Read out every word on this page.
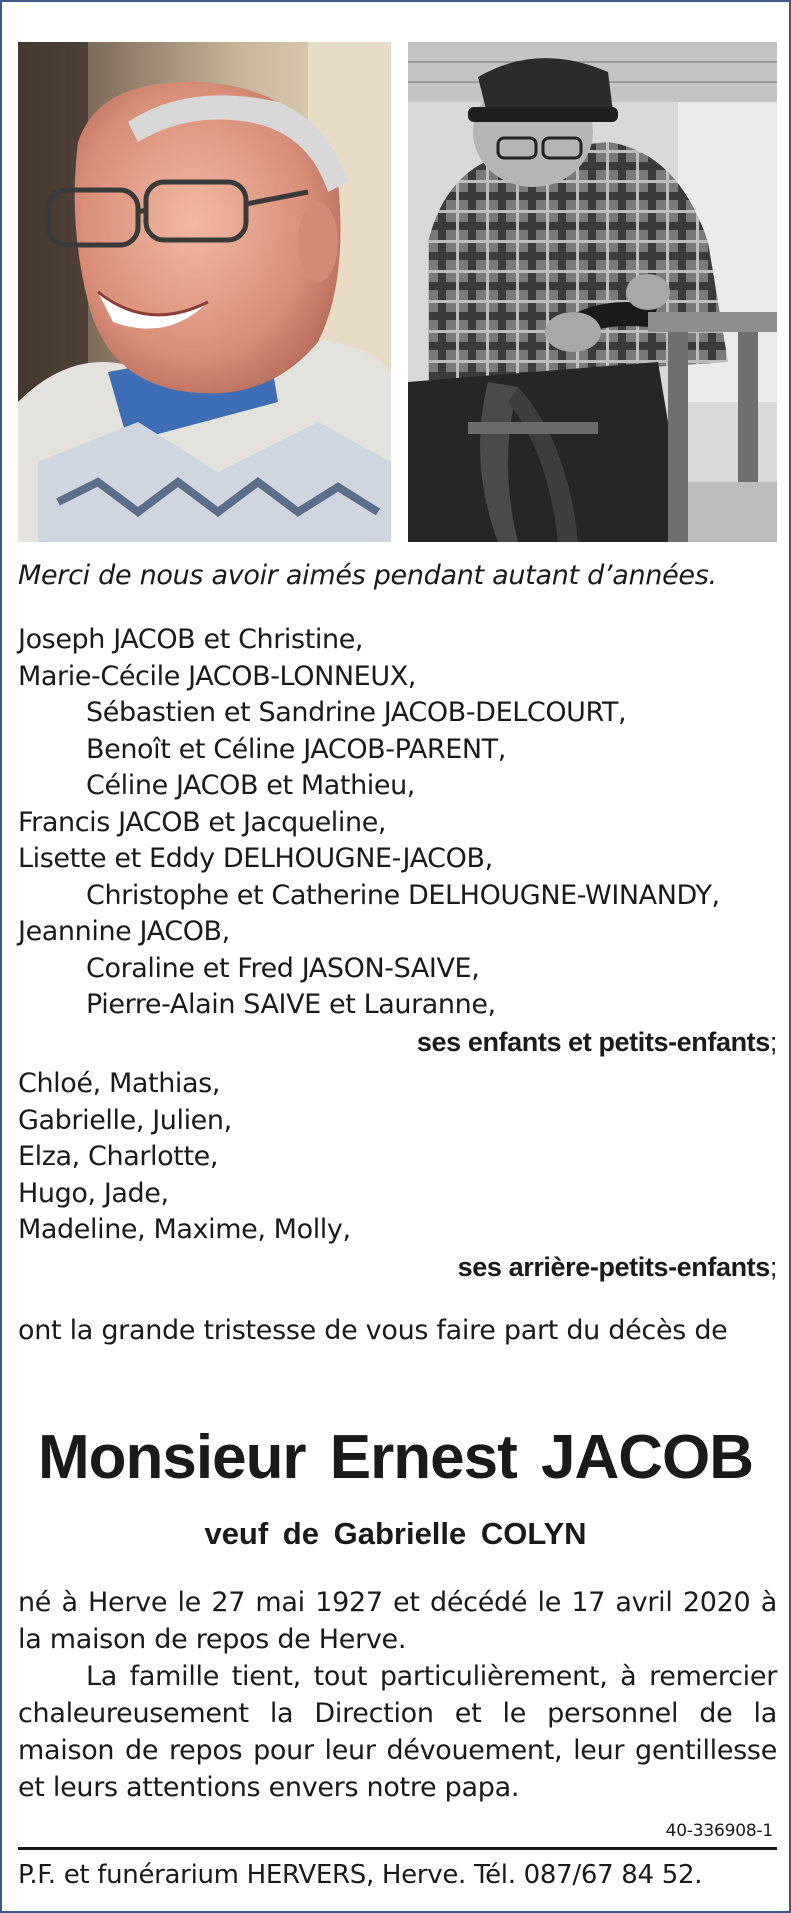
Merci de nous avoir aimés pendant autant d’années.
Joseph JACOB et Christine,
Marie-Cécile JACOB-LONNEUX,
Sébastien et Sandrine JACOB-DELCOURT,
Benoît et Céline JACOB-PARENT,
Céline JACOB et Mathieu,
Francis JACOB et Jacqueline,
Lisette et Eddy DELHOUGNE-JACOB,
Christophe et Catherine DELHOUGNE-WINANDY,
Jeannine JACOB,
Coraline et Fred JASON-SAIVE,
Pierre-Alain SAIVE et Lauranne,
ses enfants et petits-enfants;
Chloé, Mathias,
Gabrielle, Julien,
Elza, Charlotte,
Hugo, Jade,
Madeline, Maxime, Molly,
ses arrière-petits-enfants;
ont la grande tristesse de vous faire part du décès de
Monsieur Ernest JACOB
veuf de Gabrielle COLYN

né à Herve le 27 mai 1927 et décédé le 17 avril 2020 à la maison de repos de Herve.

La famille tient, tout particulièrement, à remercier chaleureusement la Direction et le personnel de la maison de repos pour leur dévouement, leur gentillesse et leurs attentions envers notre papa.

40-336908-1
P.F. et funérarium HERVERS, Herve. Tél. 087/67 84 52.
